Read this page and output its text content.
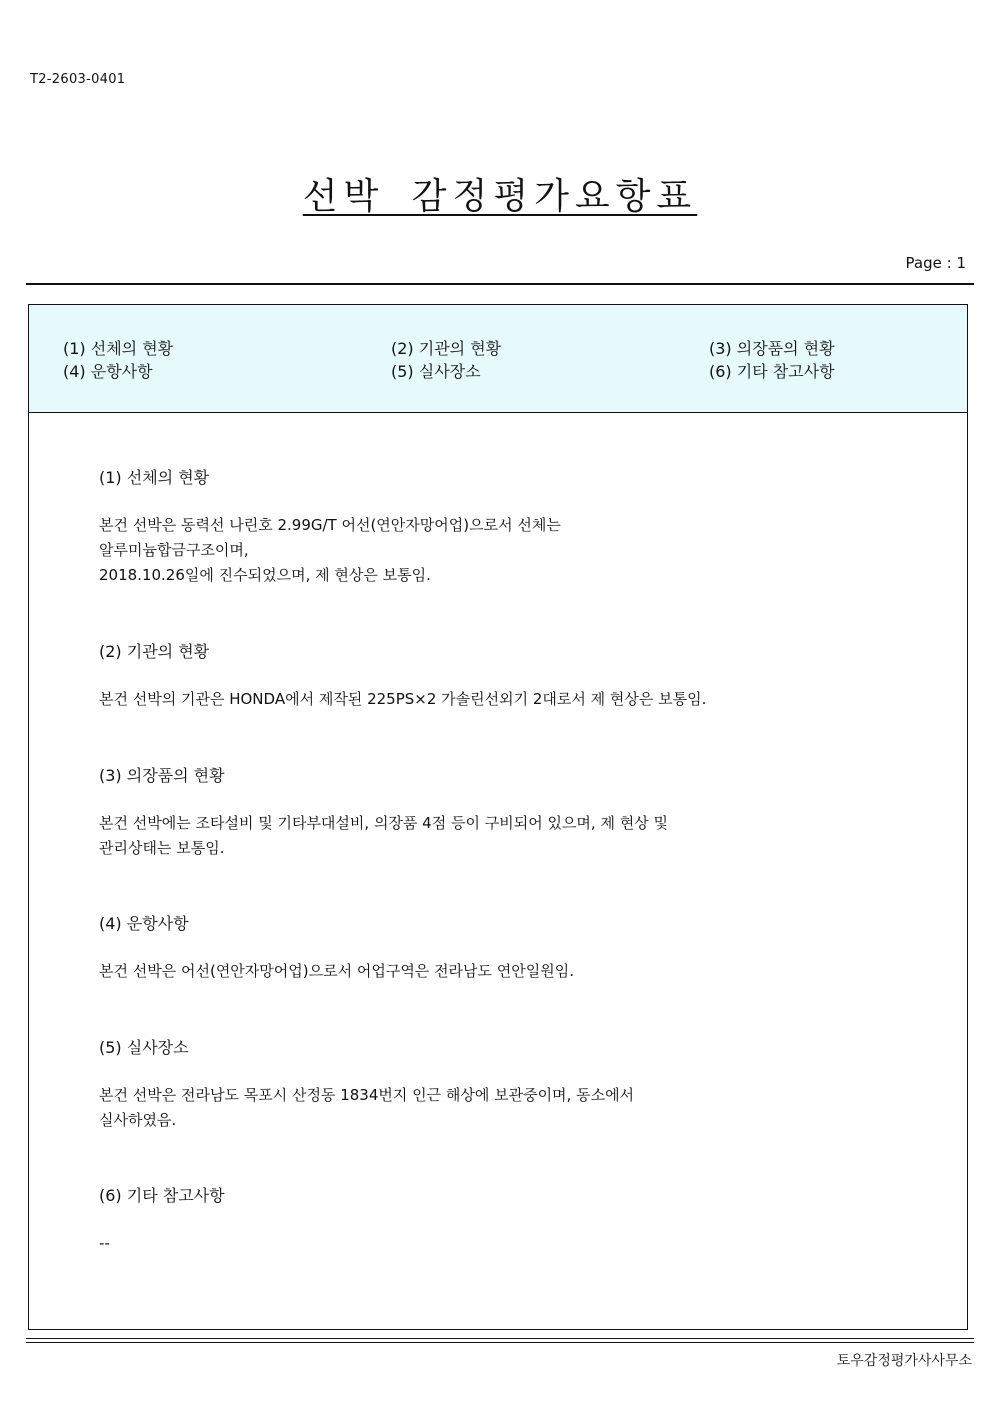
T2-2603-0401
선박 감정평가요항표
Page : 1
(1) 선체의 현황	(2) 기관의 현황	(3) 의장품의 현황
(4) 운항사항	(5) 실사장소	(6) 기타 참고사항
(1) 선체의 현황
본건 선박은 동력선 나린호 2.99G/T 어선(연안자망어업)으로서 선체는
알루미늄합금구조이며,
2018.10.26일에 진수되었으며, 제 현상은 보통임.
(2) 기관의 현황
본건 선박의 기관은 HONDA에서 제작된 225PS×2 가솔린선외기 2대로서 제 현상은 보통임.
(3) 의장품의 현황
본건 선박에는 조타설비 및 기타부대설비, 의장품 4점 등이 구비되어 있으며, 제 현상 및
관리상태는 보통임.
(4) 운항사항
본건 선박은 어선(연안자망어업)으로서 어업구역은 전라남도 연안일원임.
(5) 실사장소
본건 선박은 전라남도 목포시 산정동 1834번지 인근 해상에 보관중이며, 동소에서
실사하였음.
(6) 기타 참고사항
--
토우감정평가사사무소
